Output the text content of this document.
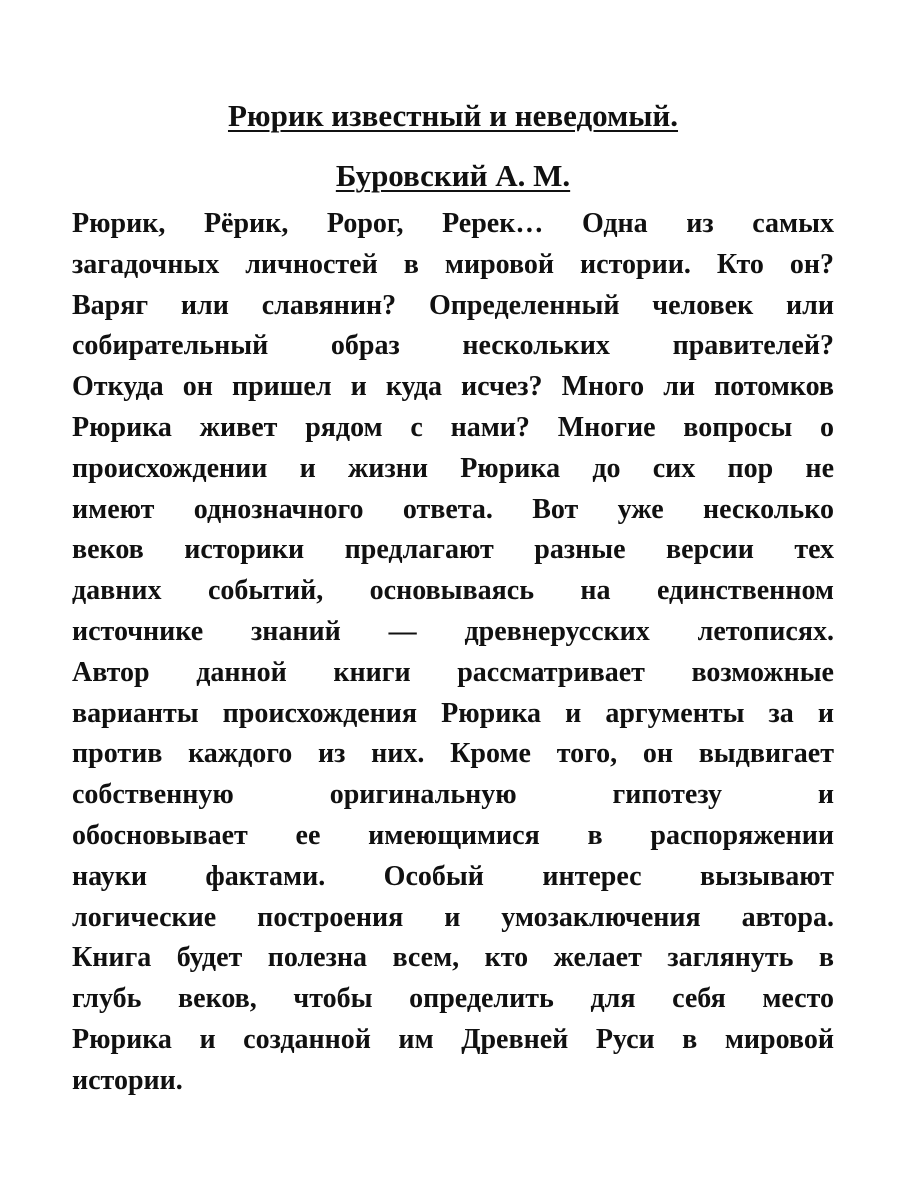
Рюрик известный и неведомый.
Буровский А. М.
Рюрик, Рёрик, Ророг, Ререк… Одна из самых
загадочных личностей в мировой истории. Кто он?
Варяг или славянин? Определенный человек или
собирательный образ нескольких правителей?
Откуда он пришел и куда исчез? Много ли потомков
Рюрика живет рядом с нами? Многие вопросы о
происхождении и жизни Рюрика до сих пор не
имеют однозначного ответа. Вот уже несколько
веков историки предлагают разные версии тех
давних событий, основываясь на единственном
источнике знаний — древнерусских летописях.
Автор данной книги рассматривает возможные
варианты происхождения Рюрика и аргументы за и
против каждого из них. Кроме того, он выдвигает
собственную оригинальную гипотезу и
обосновывает ее имеющимися в распоряжении
науки фактами. Особый интерес вызывают
логические построения и умозаключения автора.
Книга будет полезна всем, кто желает заглянуть в
глубь веков, чтобы определить для себя место
Рюрика и созданной им Древней Руси в мировой
истории.
